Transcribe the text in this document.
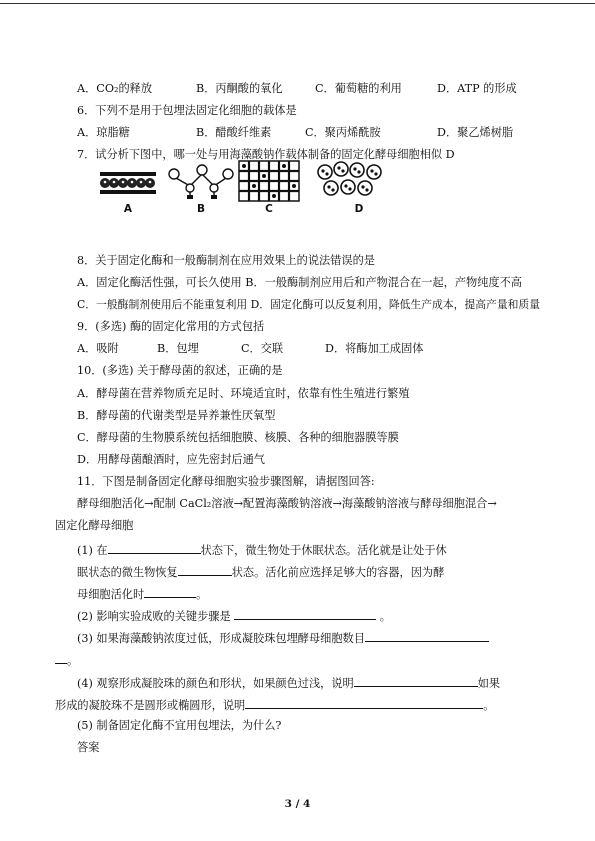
A．CO₂的释放	B．丙酮酸的氧化	C．葡萄糖的利用	D．ATP 的形成
6．下列不是用于包埋法固定化细胞的载体是
A．琼脂糖	B．醋酸纤维素	C．聚丙烯酰胺	D．聚乙烯树脂
7．试分析下图中，哪一处与用海藻酸钠作载体制备的固定化酵母细胞相似 D
A	B	C	D
8．关于固定化酶和一般酶制剂在应用效果上的说法错误的是
A．固定化酶活性强，可长久使用 B．一般酶制剂应用后和产物混合在一起，产物纯度不高
C．一般酶制剂使用后不能重复利用 D．固定化酶可以反复利用，降低生产成本，提高产量和质量
9．(多选) 酶的固定化常用的方式包括
A．吸附	B．包埋	C．交联	D．将酶加工成固体
10．(多选) 关于酵母菌的叙述，正确的是
A．酵母菌在营养物质充足时、环境适宜时，依靠有性生殖进行繁殖
B．酵母菌的代谢类型是异养兼性厌氧型
C．酵母菌的生物膜系统包括细胞膜、核膜、各种的细胞器膜等膜
D．用酵母菌酿酒时，应先密封后通气
11．下图是制备固定化酵母细胞实验步骤图解，请据图回答:
酵母细胞活化→配制 CaCl₂溶液→配置海藻酸钠溶液→海藻酸钠溶液与酵母细胞混合→
固定化酵母细胞
(1) 在	状态下，微生物处于休眠状态。活化就是让处于休
眠状态的微生物恢复	状态。活化前应选择足够大的容器，因为酵
母细胞活化时	。
(2) 影响实验成败的关键步骤是	。
(3) 如果海藻酸钠浓度过低，形成凝胶珠包埋酵母细胞数目
。
(4) 观察形成凝胶珠的颜色和形状，如果颜色过浅，说明	如果
形成的凝胶珠不是圆形或椭圆形，说明	。
(5) 制备固定化酶不宜用包埋法，为什么?
答案
3 / 4
